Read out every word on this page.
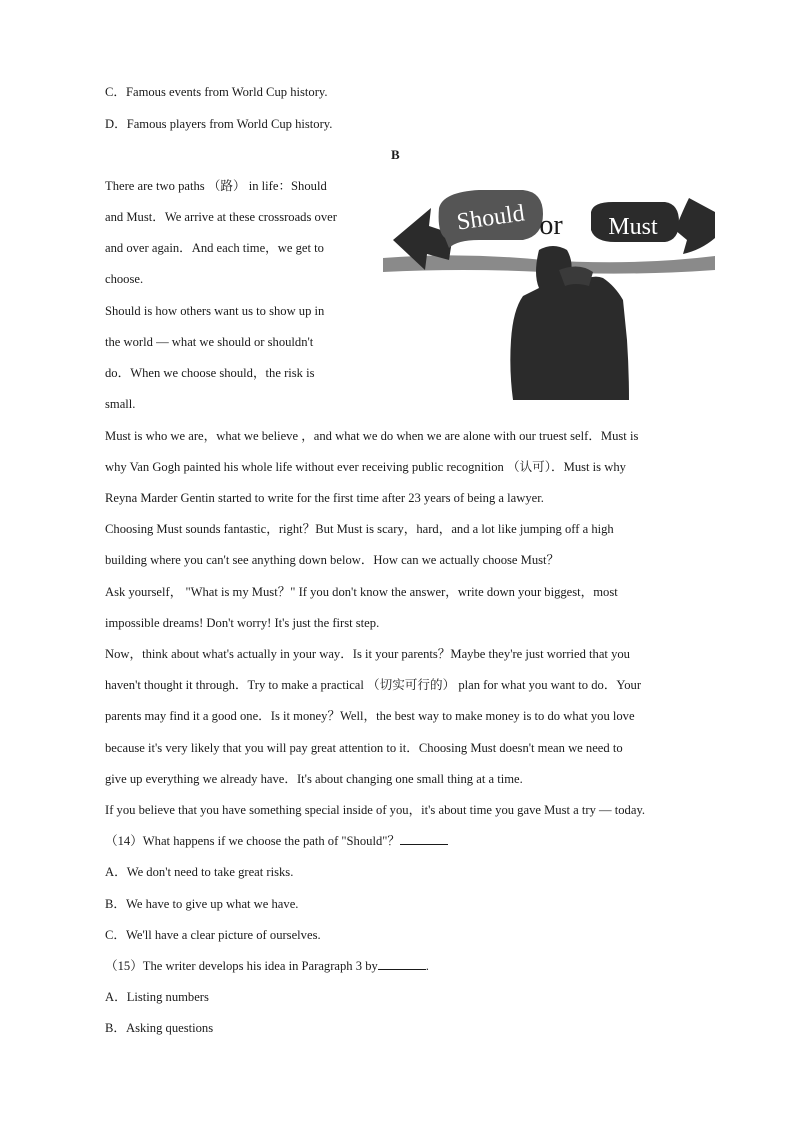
C．Famous events from World Cup history.
D．Famous players from World Cup history.
B
There are two paths （路） in life：Should
and Must．We arrive at these crossroads over
and over again．And each time，we get to
choose.
Should is how others want us to show up in
the world — what we should or shouldn't
do．When we choose should，the risk is
small.
Should or Must
Must is who we are，what we believe ，and what we do when we are alone with our truest self．Must is
why Van Gogh painted his whole life without ever receiving public recognition （认可）．Must is why
Reyna Marder Gentin started to write for the first time after 23 years of being a lawyer.
Choosing Must sounds fantastic，right？But Must is scary，hard，and a lot like jumping off a high
building where you can't see anything down below．How can we actually choose Must？
Ask yourself， "What is my Must？" If you don't know the answer，write down your biggest，most
impossible dreams! Don't worry! It's just the first step.
Now，think about what's actually in your way．Is it your parents？Maybe they're just worried that you
haven't thought it through．Try to make a practical （切实可行的） plan for what you want to do．Your
parents may find it a good one．Is it money？Well，the best way to make money is to do what you love
because it's very likely that you will pay great attention to it．Choosing Must doesn't mean we need to
give up everything we already have．It's about changing one small thing at a time.
If you believe that you have something special inside of you，it's about time you gave Must a try — today.
（14）What happens if we choose the path of "Should"？
A．We don't need to take great risks.
B．We have to give up what we have.
C．We'll have a clear picture of ourselves.
（15）The writer develops his idea in Paragraph 3 by	.
A．Listing numbers
B．Asking questions
